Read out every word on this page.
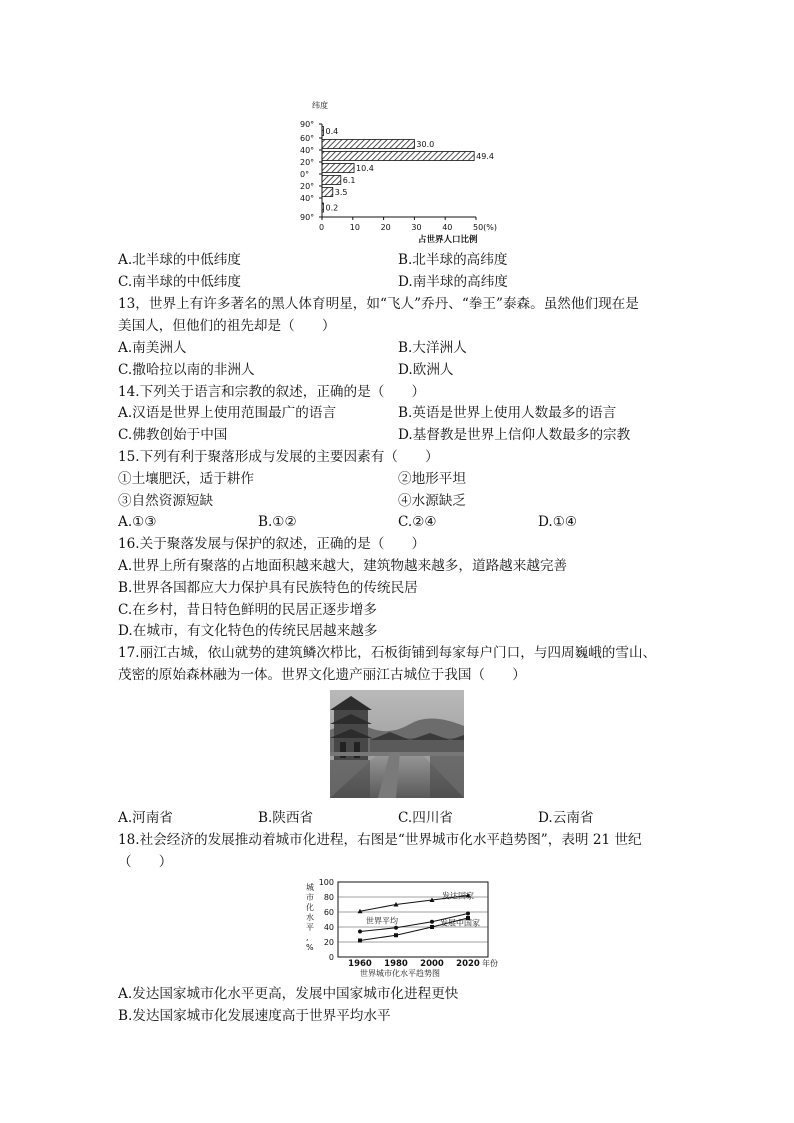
纬度
90°
60°
40°
20°
0°
20°
40°
90°
0	10	20	30	40	50(%)
0.4
30.0
49.4
10.4
6.1
3.5
0.2
占世界人口比例
A.北半球的中低纬度	B.北半球的高纬度
C.南半球的中低纬度	D.南半球的高纬度
13，世界上有许多著名的黑人体育明星，如“飞人”乔丹、“拳王”泰森。虽然他们现在是
美国人，但他们的祖先却是（　　）
A.南美洲人	B.大洋洲人
C.撒哈拉以南的非洲人	D.欧洲人
14.下列关于语言和宗教的叙述，正确的是（　　）
A.汉语是世界上使用范围最广的语言	B.英语是世界上使用人数最多的语言
C.佛教创始于中国	D.基督教是世界上信仰人数最多的宗教
15.下列有利于聚落形成与发展的主要因素有（　　）
①土壤肥沃，适于耕作	②地形平坦
③自然资源短缺	④水源缺乏
A.①③	B.①②	C.②④	D.①④
16.关于聚落发展与保护的叙述，正确的是（　　）
A.世界上所有聚落的占地面积越来越大，建筑物越来越多，道路越来越完善
B.世界各国都应大力保护具有民族特色的传统民居
C.在乡村，昔日特色鲜明的民居正逐步增多
D.在城市，有文化特色的传统民居越来越多
17.丽江古城，依山就势的建筑鳞次栉比，石板街铺到每家每户门口，与四周巍峨的雪山、
茂密的原始森林融为一体。世界文化遗产丽江古城位于我国（　　）
A.河南省	B.陕西省	C.四川省	D.云南省
18.社会经济的发展推动着城市化进程，右图是“世界城市化水平趋势图”，表明 21 世纪
（　　）
城
市
化
水
平
,
%
0
20
40
60
80
100
发达国家
世界平均	发展中国家
1960 1980 2000 2020 年份
世界城市化水平趋势图
A.发达国家城市化水平更高，发展中国家城市化进程更快
B.发达国家城市化发展速度高于世界平均水平
